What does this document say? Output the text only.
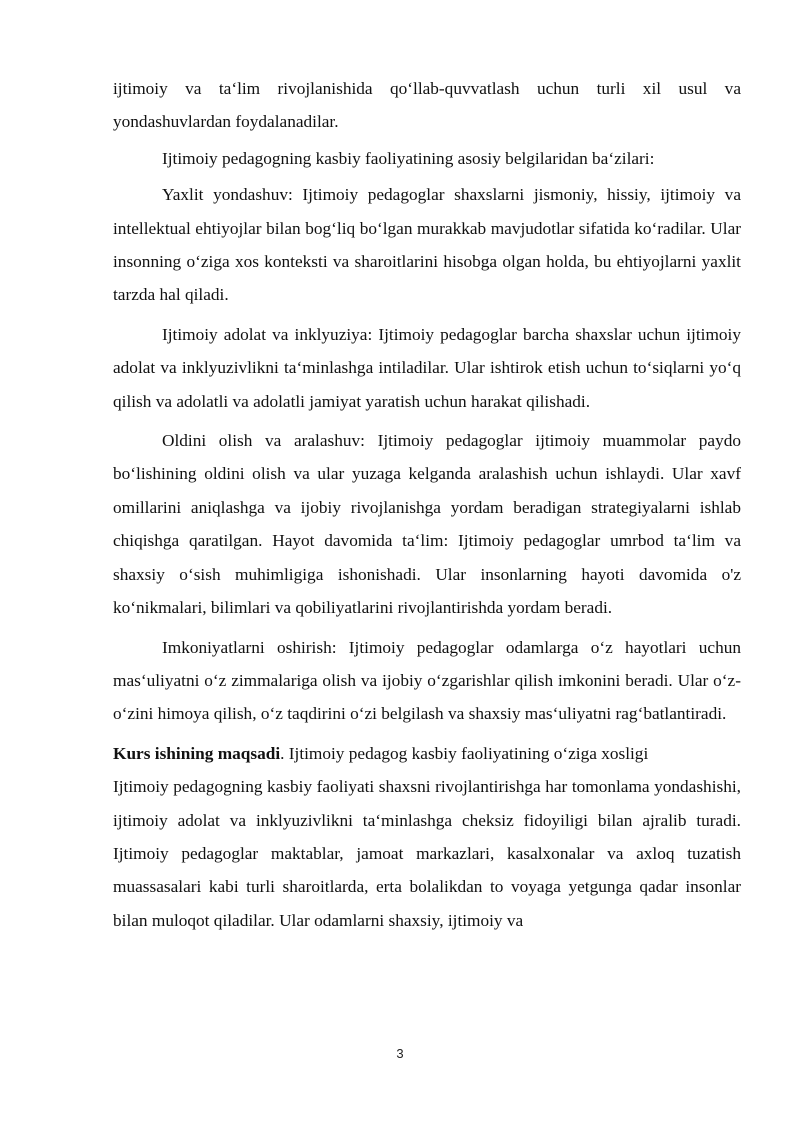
ijtimoiy va ta‘lim rivojlanishida qo‘llab-quvvatlash uchun turli xil usul va yondashuvlardan foydalanadilar.

Ijtimoiy pedagogning kasbiy faoliyatining asosiy belgilaridan ba‘zilari:

Yaxlit yondashuv: Ijtimoiy pedagoglar shaxslarni jismoniy, hissiy, ijtimoiy va intellektual ehtiyojlar bilan bog‘liq bo‘lgan murakkab mavjudotlar sifatida ko‘radilar. Ular insonning o‘ziga xos konteksti va sharoitlarini hisobga olgan holda, bu ehtiyojlarni yaxlit tarzda hal qiladi.

Ijtimoiy adolat va inklyuziya: Ijtimoiy pedagoglar barcha shaxslar uchun ijtimoiy adolat va inklyuzivlikni ta‘minlashga intiladilar. Ular ishtirok etish uchun to‘siqlarni yo‘q qilish va adolatli va adolatli jamiyat yaratish uchun harakat qilishadi.

Oldini olish va aralashuv: Ijtimoiy pedagoglar ijtimoiy muammolar paydo bo‘lishining oldini olish va ular yuzaga kelganda aralashish uchun ishlaydi. Ular xavf omillarini aniqlashga va ijobiy rivojlanishga yordam beradigan strategiyalarni ishlab chiqishga qaratilgan. Hayot davomida ta‘lim: Ijtimoiy pedagoglar umrbod ta‘lim va shaxsiy o‘sish muhimligiga ishonishadi. Ular insonlarning hayoti davomida o'z ko‘nikmalari, bilimlari va qobiliyatlarini rivojlantirishda yordam beradi.

Imkoniyatlarni oshirish: Ijtimoiy pedagoglar odamlarga o‘z hayotlari uchun mas‘uliyatni o‘z zimmalariga olish va ijobiy o‘zgarishlar qilish imkonini beradi. Ular o‘z-o‘zini himoya qilish, o‘z taqdirini o‘zi belgilash va shaxsiy mas‘uliyatni rag‘batlantiradi.

Kurs ishining maqsadi. Ijtimoiy pedagog kasbiy faoliyatining o‘ziga xosligi

Ijtimoiy pedagogning kasbiy faoliyati shaxsni rivojlantirishga har tomonlama yondashishi, ijtimoiy adolat va inklyuzivlikni ta‘minlashga cheksiz fidoyiligi bilan ajralib turadi. Ijtimoiy pedagoglar maktablar, jamoat markazlari, kasalxonalar va axloq tuzatish muassasalari kabi turli sharoitlarda, erta bolalikdan to voyaga yetgunga qadar insonlar bilan muloqot qiladilar. Ular odamlarni shaxsiy, ijtimoiy va

3
